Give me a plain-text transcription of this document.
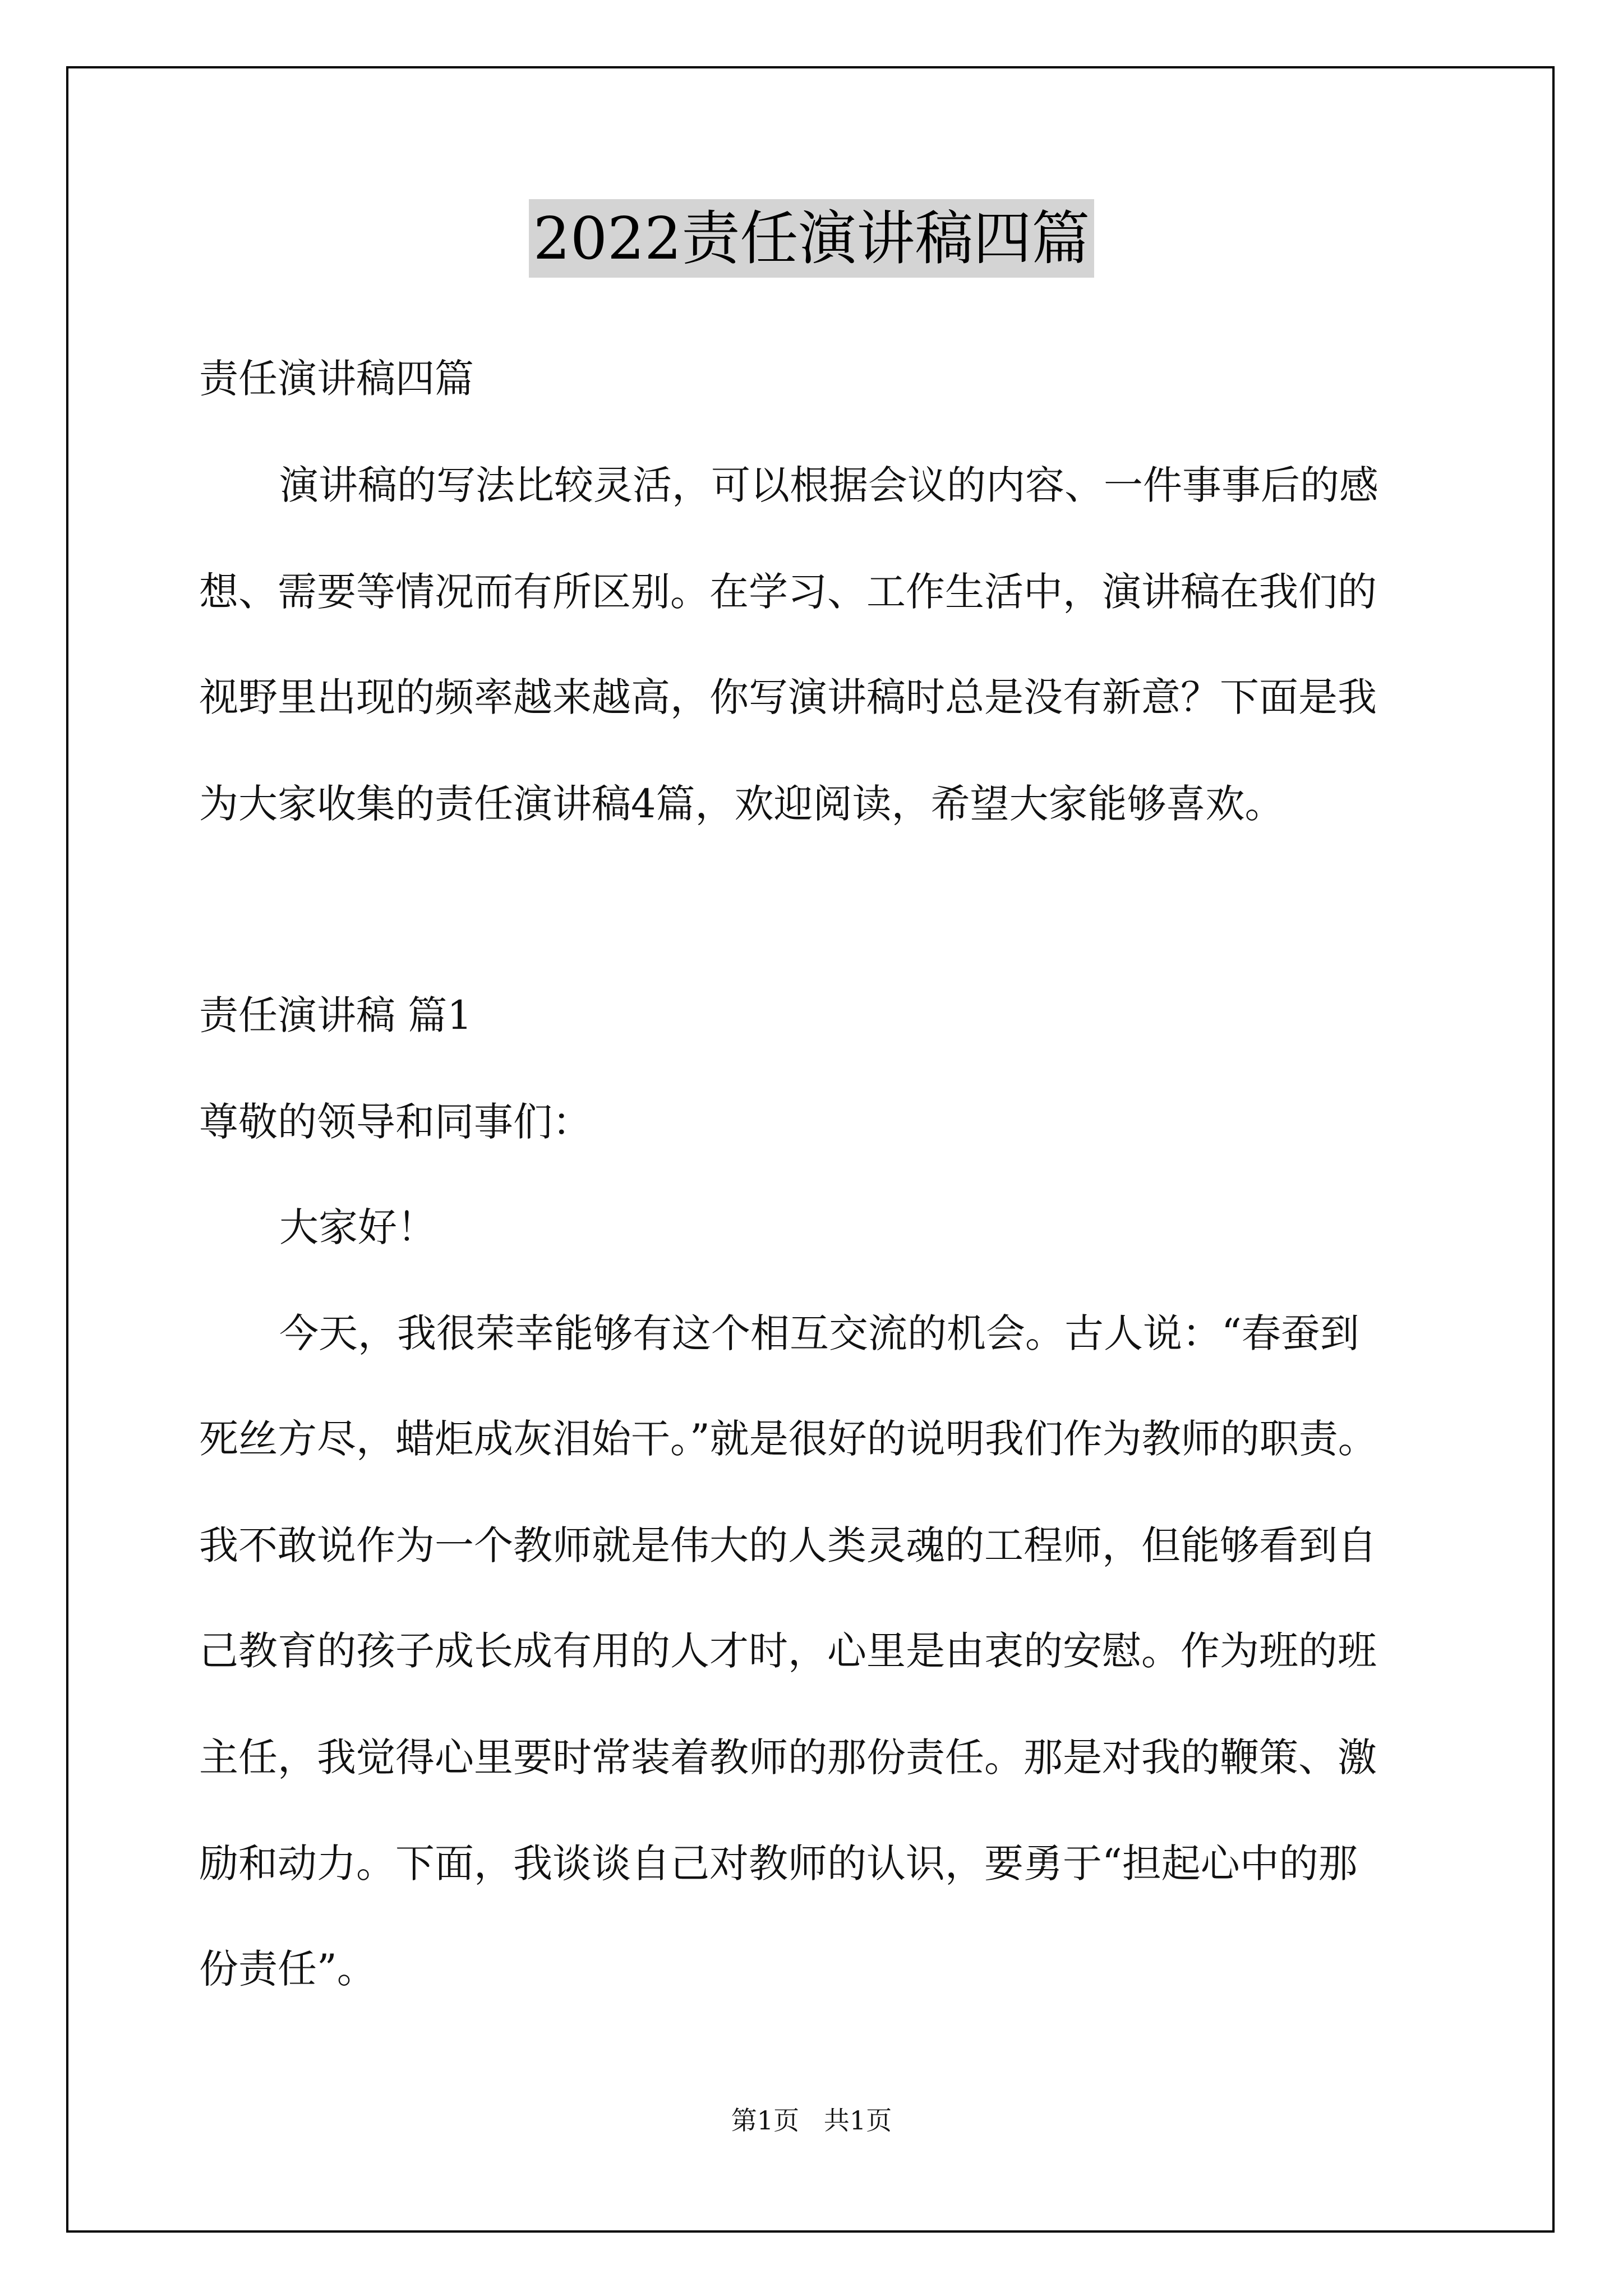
2022责任演讲稿四篇
责任演讲稿四篇
演讲稿的写法比较灵活，可以根据会议的内容、一件事事后的感
想、需要等情况而有所区别。在学习、工作生活中，演讲稿在我们的
视野里出现的频率越来越高，你写演讲稿时总是没有新意？下面是我
为大家收集的责任演讲稿4篇，欢迎阅读，希望大家能够喜欢。
责任演讲稿 篇1
尊敬的领导和同事们：
大家好！
今天，我很荣幸能够有这个相互交流的机会。古人说：“春蚕到
死丝方尽，蜡炬成灰泪始干。”就是很好的说明我们作为教师的职责。
我不敢说作为一个教师就是伟大的人类灵魂的工程师，但能够看到自
己教育的孩子成长成有用的人才时，心里是由衷的安慰。作为班的班
主任，我觉得心里要时常装着教师的那份责任。那是对我的鞭策、激
励和动力。下面，我谈谈自己对教师的认识，要勇于“担起心中的那
份责任”。
第1页   共1页
